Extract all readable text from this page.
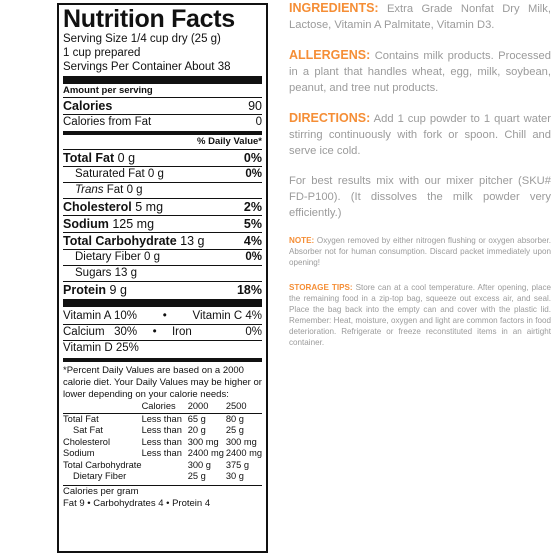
Nutrition Facts
Serving Size 1/4 cup dry (25 g)
1 cup prepared
Servings Per Container About 38
Amount per serving
Calories	90
Calories from Fat	0
% Daily Value*
Total Fat 0 g	0%
Saturated Fat 0 g	0%
Trans Fat 0 g
Cholesterol 5 mg	2%
Sodium 125 mg	5%
Total Carbohydrate 13 g	4%
Dietary Fiber 0 g	0%
Sugars 13 g
Protein 9 g	18%
Vitamin A 10% • Vitamin C 4%
Calcium 30% • Iron	0%
Vitamin D 25%
*Percent Daily Values are based on a 2000 calorie diet. Your Daily Values may be higher or lower depending on your calorie needs:
	Calories	2000	2500
Total Fat	Less than	65 g	80 g
Sat Fat	Less than	20 g	25 g
Cholesterol	Less than	300 mg	300 mg
Sodium	Less than	2400 mg	2400 mg
Total Carbohydrate		300 g	375 g
Dietary Fiber		25 g	30 g
Calories per gram
Fat 9 • Carbohydrates 4 • Protein 4

INGREDIENTS: Extra Grade Nonfat Dry Milk, Lactose, Vitamin A Palmitate, Vitamin D3.

ALLERGENS: Contains milk products. Processed in a plant that handles wheat, egg, milk, soybean, peanut, and tree nut products.

DIRECTIONS: Add 1 cup powder to 1 quart water stirring continuously with fork or spoon. Chill and serve ice cold.

For best results mix with our mixer pitcher (SKU# FD-P100). (It dissolves the milk powder very efficiently.)

NOTE: Oxygen removed by either nitrogen flushing or oxygen absorber. Absorber not for human consumption. Discard packet immediately upon opening!

STORAGE TIPS: Store can at a cool temperature. After opening, place the remaining food in a zip-top bag, squeeze out excess air, and seal. Place the bag back into the empty can and cover with the plastic lid. Remember: Heat, moisture, oxygen and light are common factors in food deterioration. Refrigerate or freeze reconstituted items in an airtight container.
